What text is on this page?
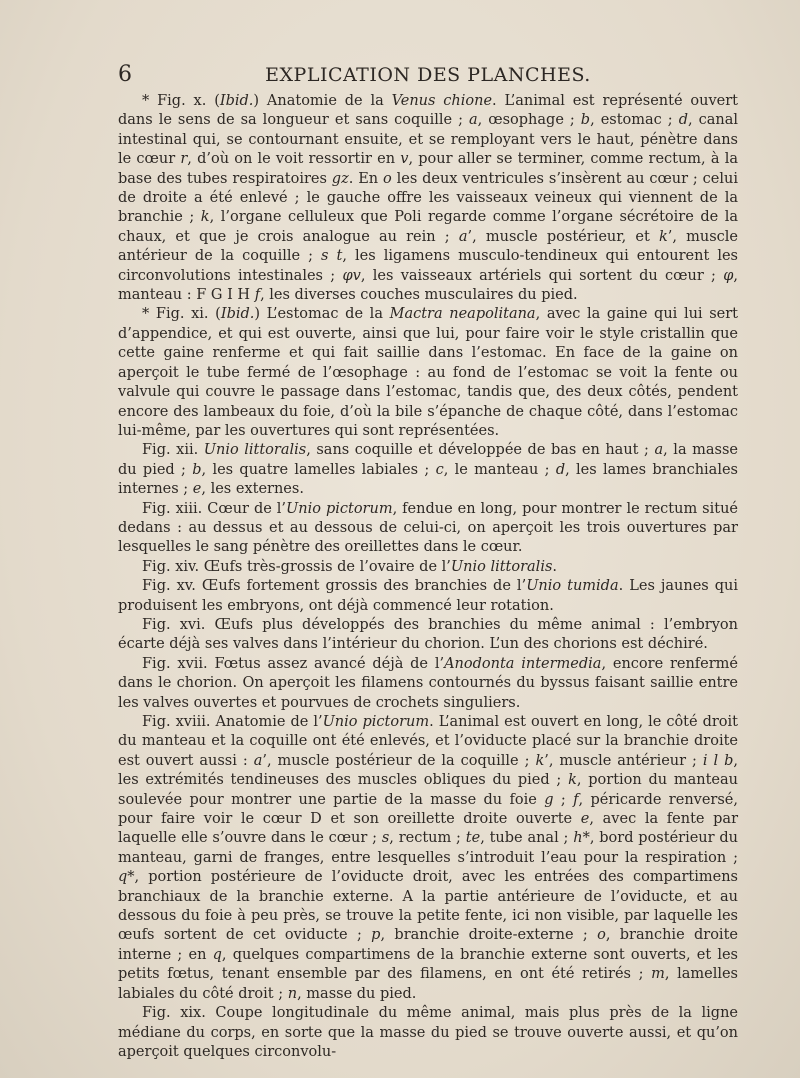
6	EXPLICATION DES PLANCHES.

* Fig. x. (Ibid.) Anatomie de la Venus chione. L’animal est représenté ouvert dans le sens de sa longueur et sans coquille ; a, œsophage ; b, estomac ; d, canal intestinal qui, se contournant ensuite, et se remployant vers le haut, pénètre dans le cœur r, d’où on le voit ressortir en v, pour aller se terminer, comme rectum, à la base des tubes respiratoires gz. En o les deux ventricules s’insèrent au cœur ; celui de droite a été enlevé ; le gauche offre les vaisseaux veineux qui viennent de la branchie ; k, l’organe celluleux que Poli regarde comme l’organe sécrétoire de la chaux, et que je crois analogue au rein ; a’, muscle postérieur, et k’, muscle antérieur de la coquille ; s t, les ligamens musculo-tendineux qui entourent les circonvolutions intestinales ; φv, les vaisseaux artériels qui sortent du cœur ; φ, manteau : F G I H f, les diverses couches musculaires du pied.

* Fig. xi. (Ibid.) L’estomac de la Mactra neapolitana, avec la gaine qui lui sert d’appendice, et qui est ouverte, ainsi que lui, pour faire voir le style cristallin que cette gaine renferme et qui fait saillie dans l’estomac. En face de la gaine on aperçoit le tube fermé de l’œsophage : au fond de l’estomac se voit la fente ou valvule qui couvre le passage dans l’estomac, tandis que, des deux côtés, pendent encore des lambeaux du foie, d’où la bile s’épanche de chaque côté, dans l’estomac lui-même, par les ouvertures qui sont représentées.

Fig. xii. Unio littoralis, sans coquille et développée de bas en haut ; a, la masse du pied ; b, les quatre lamelles labiales ; c, le manteau ; d, les lames branchiales internes ; e, les externes.

Fig. xiii. Cœur de l’Unio pictorum, fendue en long, pour montrer le rectum situé dedans : au dessus et au dessous de celui-ci, on aperçoit les trois ouvertures par lesquelles le sang pénètre des oreillettes dans le cœur.

Fig. xiv. Œufs très-grossis de l’ovaire de l’Unio littoralis.

Fig. xv. Œufs fortement grossis des branchies de l’Unio tumida. Les jaunes qui produisent les embryons, ont déjà commencé leur rotation.

Fig. xvi. Œufs plus développés des branchies du même animal : l’embryon écarte déjà ses valves dans l’intérieur du chorion. L’un des chorions est déchiré.

Fig. xvii. Fœtus assez avancé déjà de l’Anodonta intermedia, encore renfermé dans le chorion. On aperçoit les filamens contournés du byssus faisant saillie entre les valves ouvertes et pourvues de crochets singuliers.

Fig. xviii. Anatomie de l’Unio pictorum. L’animal est ouvert en long, le côté droit du manteau et la coquille ont été enlevés, et l’oviducte placé sur la branchie droite est ouvert aussi : a’, muscle postérieur de la coquille ; k’, muscle antérieur ; i l b, les extrémités tendineuses des muscles obliques du pied ; k, portion du manteau soulevée pour montrer une partie de la masse du foie g ; f, péricarde renversé, pour faire voir le cœur D et son oreillette droite ouverte e, avec la fente par laquelle elle s’ouvre dans le cœur ; s, rectum ; te, tube anal ; h*, bord postérieur du manteau, garni de franges, entre lesquelles s’introduit l’eau pour la respiration ; q*, portion postérieure de l’oviducte droit, avec les entrées des compartimens branchiaux de la branchie externe. A la partie antérieure de l’oviducte, et au dessous du foie à peu près, se trouve la petite fente, ici non visible, par laquelle les œufs sortent de cet oviducte ; p, branchie droite-externe ; o, branchie droite interne ; en q, quelques compartimens de la branchie externe sont ouverts, et les petits fœtus, tenant ensemble par des filamens, en ont été retirés ; m, lamelles labiales du côté droit ; n, masse du pied.

Fig. xix. Coupe longitudinale du même animal, mais plus près de la ligne médiane du corps, en sorte que la masse du pied se trouve ouverte aussi, et qu’on aperçoit quelques circonvolu-
